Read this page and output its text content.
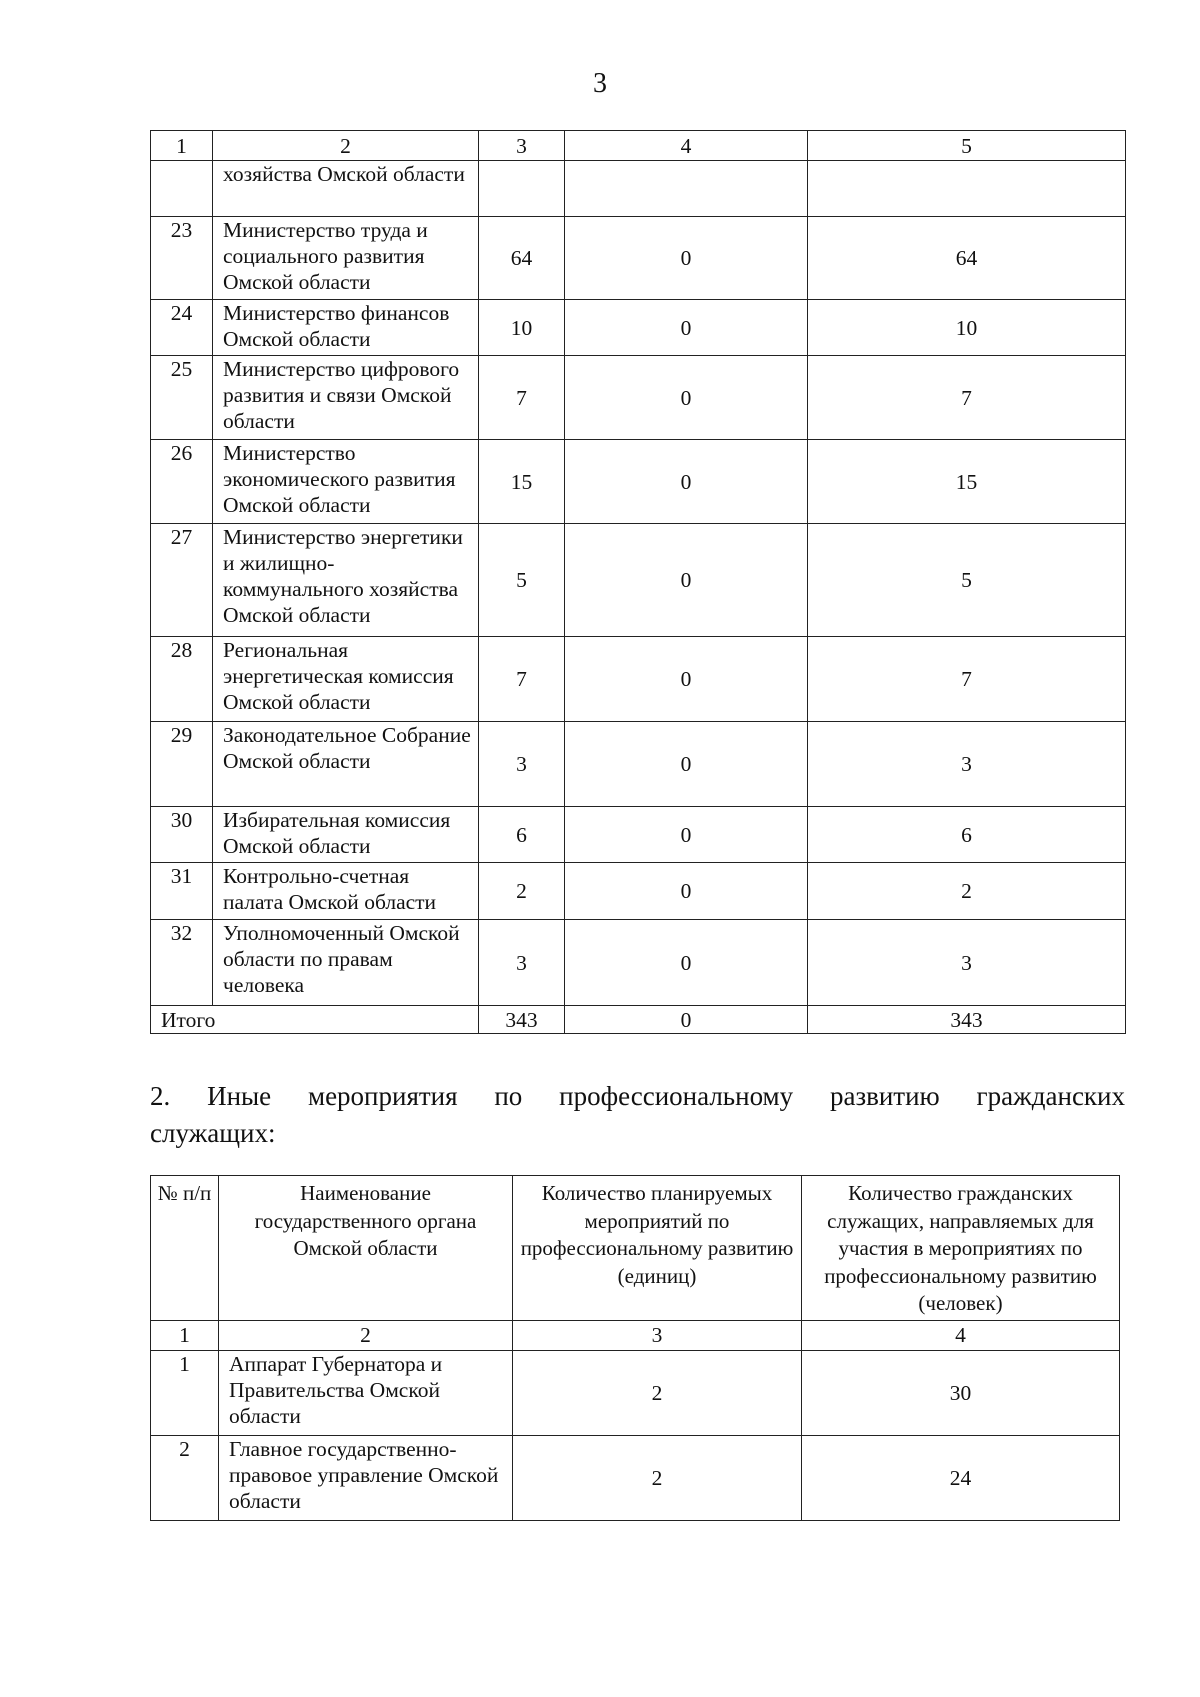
3
1	2	3	4	5
	хозяйства Омской области			
23	Министерство труда и социального развития Омской области	64	0	64
24	Министерство финансов Омской области	10	0	10
25	Министерство цифрового развития и связи Омской области	7	0	7
26	Министерство экономического развития Омской области	15	0	15
27	Министерство энергетики и жилищно-коммунального хозяйства Омской области	5	0	5
28	Региональная энергетическая комиссия Омской области	7	0	7
29	Законодательное Собрание Омской области	3	0	3
30	Избирательная комиссия Омской области	6	0	6
31	Контрольно-счетная палата Омской области	2	0	2
32	Уполномоченный Омской области по правам человека	3	0	3
Итого		343	0	343
2. Иные мероприятия по профессиональному развитию гражданских
служащих:
№ п/п	Наименование государственного органа Омской области	Количество планируемых мероприятий по профессиональному развитию (единиц)	Количество гражданских служащих, направляемых для участия в мероприятиях по профессиональному развитию (человек)
1	2	3	4
1	Аппарат Губернатора и Правительства Омской области	2	30
2	Главное государственно-правовое управление Омской области	2	24
